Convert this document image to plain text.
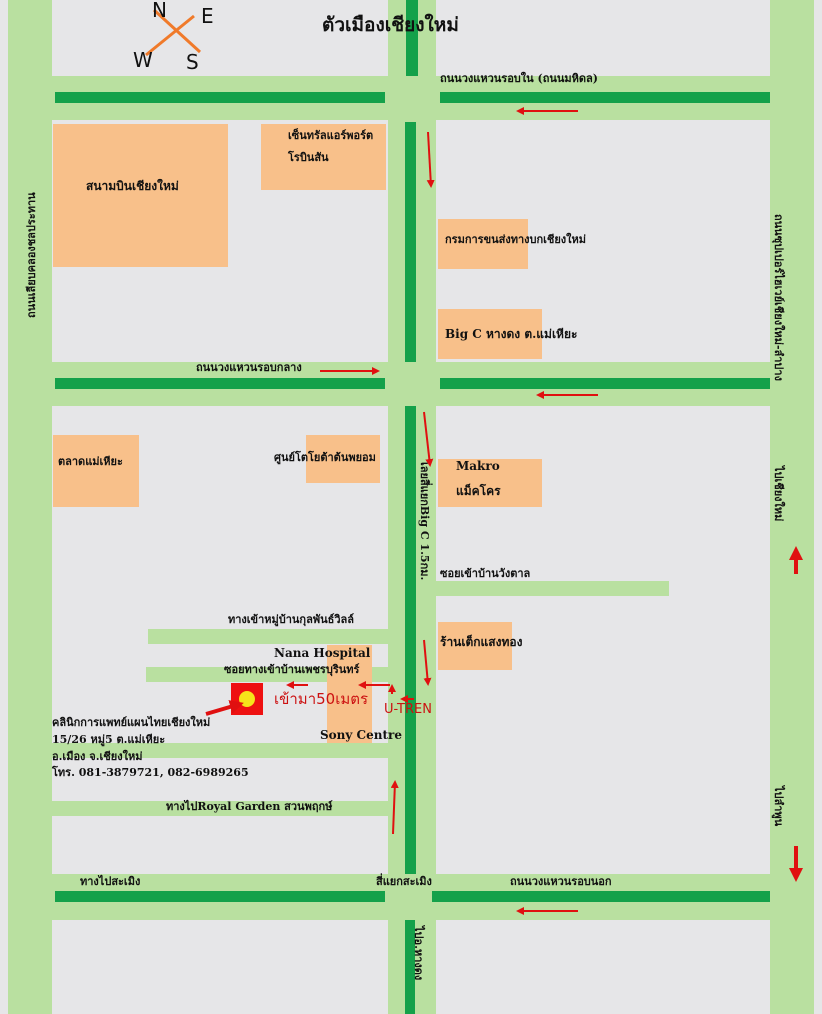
ตัวเมืองเชียงใหม่
N E
W S
ถนนวงแหวนรอบใน (ถนนมหิดล)
ถนนวงแหวนรอบกลาง
ถนนวงแหวนรอบนอก
ทางไปสะเมิง	สี่แยกสะเมิง
ซอยเข้าบ้านวังตาล
ทางเข้าหมู่บ้านกุลพันธ์วิลล์
ซอยทางเข้าบ้านเพชรบุรินทร์
ทางไปRoyal Garden สวนพฤกษ์
ถนนเลียบคลองชลประทาน	ถนนซุปเปอร์ไฮเวย์เชียงใหม่-ลำปาง
ไปเชียงใหม่
ไปลำพูน
เลยสี่แยกBig C 1.5กม.
ไปอ.หางดง
สนามบินเชียงใหม่
เซ็นทรัลแอร์พอร์ต
โรบินสัน
กรมการขนส่งทางบกเชียงใหม่
Big C หางดง ต.แม่เหียะ
ตลาดแม่เหียะ	ศูนย์โตโยต้าต้นพยอม
Makro
แม็คโคร
ร้านเต็กแสงทอง
Nana Hospital
Sony Centre
เข้ามา50เมตร
U-TREN
คลินิกการแพทย์แผนไทยเชียงใหม่
15/26 หมู่5 ต.แม่เหียะ
อ.เมือง จ.เชียงใหม่
โทร. 081-3879721, 082-6989265
